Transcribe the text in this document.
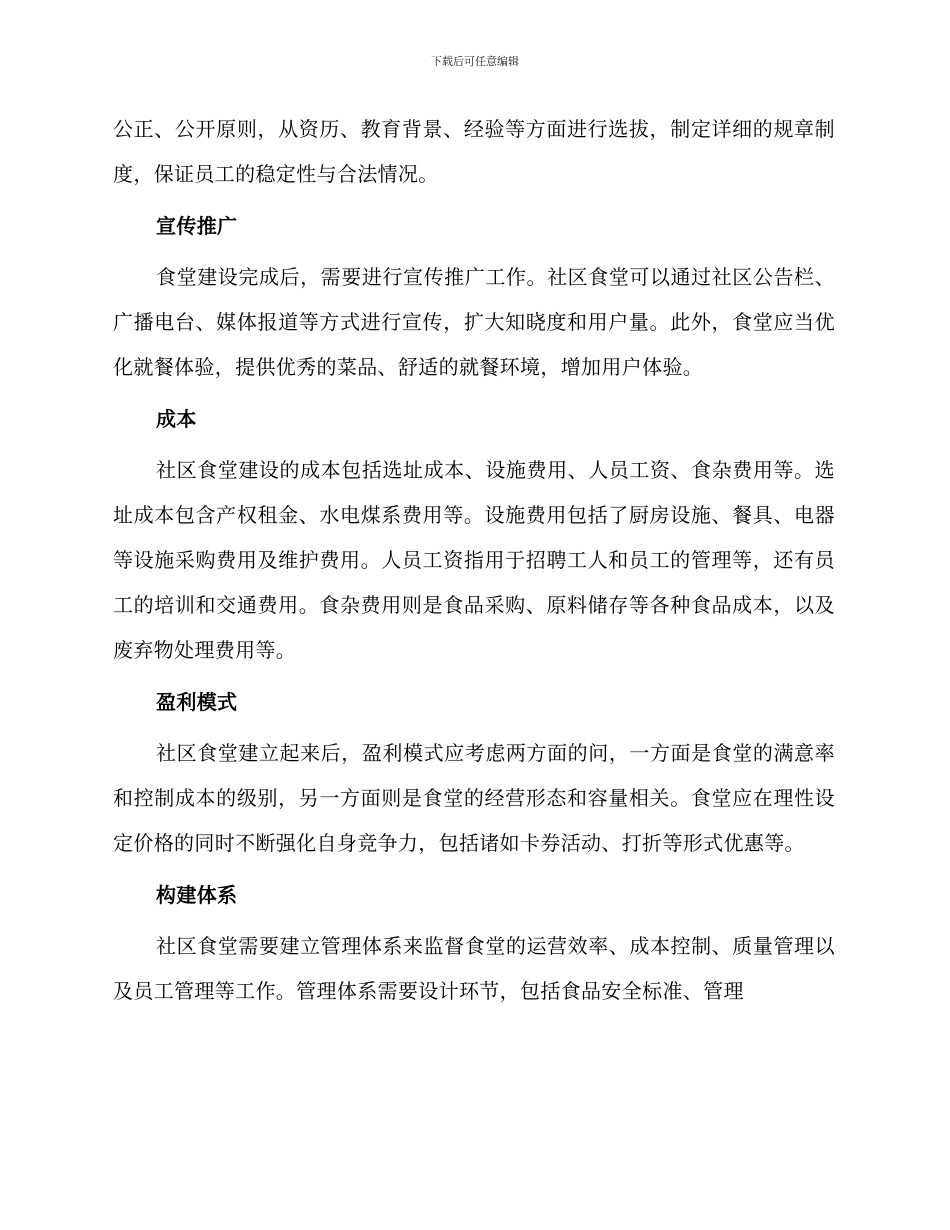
下载后可任意编辑

公正、公开原则，从资历、教育背景、经验等方面进行选拔，制定详细的规章制度，保证员工的稳定性与合法情况。

宣传推广

食堂建设完成后，需要进行宣传推广工作。社区食堂可以通过社区公告栏、广播电台、媒体报道等方式进行宣传，扩大知晓度和用户量。此外，食堂应当优化就餐体验，提供优秀的菜品、舒适的就餐环境，增加用户体验。

成本

社区食堂建设的成本包括选址成本、设施费用、人员工资、食杂费用等。选址成本包含产权租金、水电煤系费用等。设施费用包括了厨房设施、餐具、电器等设施采购费用及维护费用。人员工资指用于招聘工人和员工的管理等，还有员工的培训和交通费用。食杂费用则是食品采购、原料储存等各种食品成本，以及废弃物处理费用等。

盈利模式

社区食堂建立起来后，盈利模式应考虑两方面的问，一方面是食堂的满意率和控制成本的级别，另一方面则是食堂的经营形态和容量相关。食堂应在理性设定价格的同时不断强化自身竞争力，包括诸如卡券活动、打折等形式优惠等。

构建体系

社区食堂需要建立管理体系来监督食堂的运营效率、成本控制、质量管理以及员工管理等工作。管理体系需要设计环节，包括食品安全标准、管理
